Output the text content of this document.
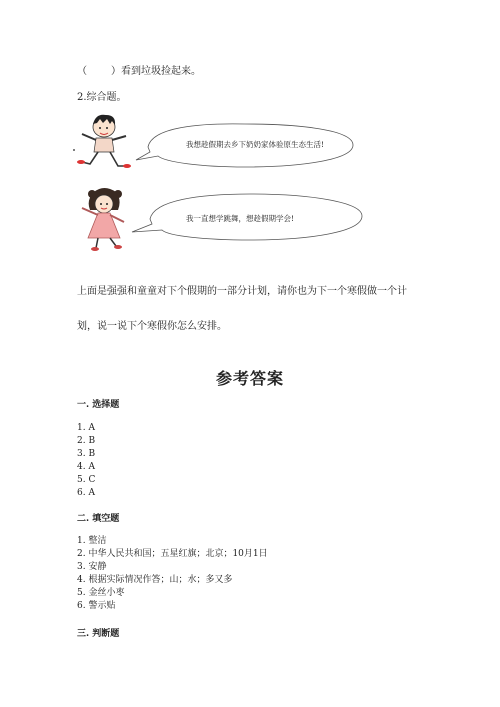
（ ）看到垃圾捡起来。
2.综合题。
我想趁假期去乡下奶奶家体验原生态生活!
我一直想学跳舞，想趁假期学会!
上面是强强和童童对下个假期的一部分计划，请你也为下一个寒假做一个计
划，说一说下个寒假你怎么安排。
参考答案
一. 选择题
1. A
2. B
3. B
4. A
5. C
6. A
二. 填空题
1. 整洁
2. 中华人民共和国；五星红旗；北京；10月1日
3. 安静
4. 根据实际情况作答；山；水；多又多
5. 金丝小枣
6. 警示贴
三. 判断题
